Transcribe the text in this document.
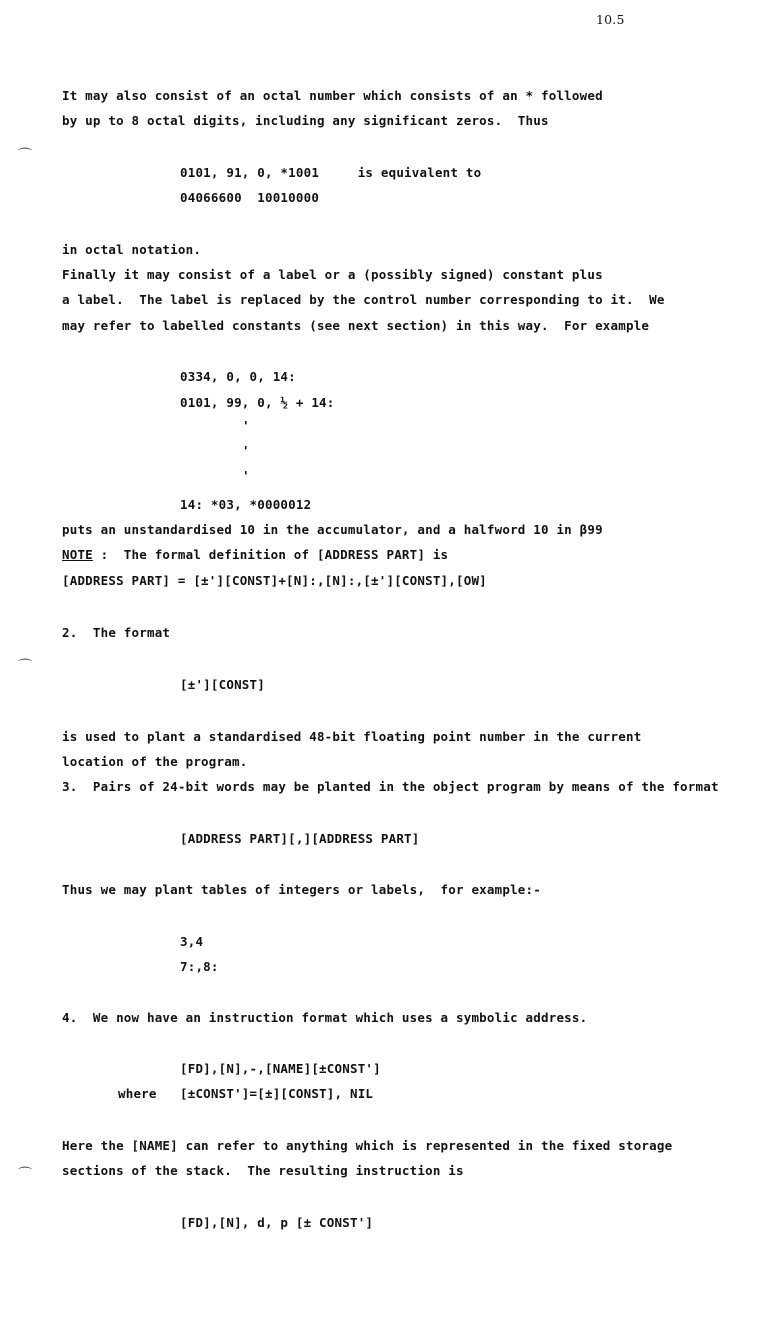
10.5
⌒
⌒
⌒
It may also consist of an octal number which consists of an * followed
by up to 8 octal digits, including any significant zeros.  Thus
0101, 91, 0, *1001     is equivalent to
04066600  10010000
in octal notation.
Finally it may consist of a label or a (possibly signed) constant plus
a label.  The label is replaced by the control number corresponding to it.  We
may refer to labelled constants (see next section) in this way.  For example
0334, 0, 0, 14:
0101, 99, 0, ½ + 14:
'
'
'
14: *03, *0000012
puts an unstandardised 10 in the accumulator, and a halfword 10 in β99
NOTE :  The formal definition of [ADDRESS PART] is
[ADDRESS PART] = [±'][CONST]+[N]:,[N]:,[±'][CONST],[OW]
2.  The format
[±'][CONST]
is used to plant a standardised 48-bit floating point number in the current
location of the program.
3.  Pairs of 24-bit words may be planted in the object program by means of the format
[ADDRESS PART][,][ADDRESS PART]
Thus we may plant tables of integers or labels,  for example:-
3,4
7:,8:
4.  We now have an instruction format which uses a symbolic address.
[FD],[N],-,[NAME][±CONST']
where [±CONST']=[±][CONST], NIL
Here the [NAME] can refer to anything which is represented in the fixed storage
sections of the stack.  The resulting instruction is
[FD],[N], d, p [± CONST']
